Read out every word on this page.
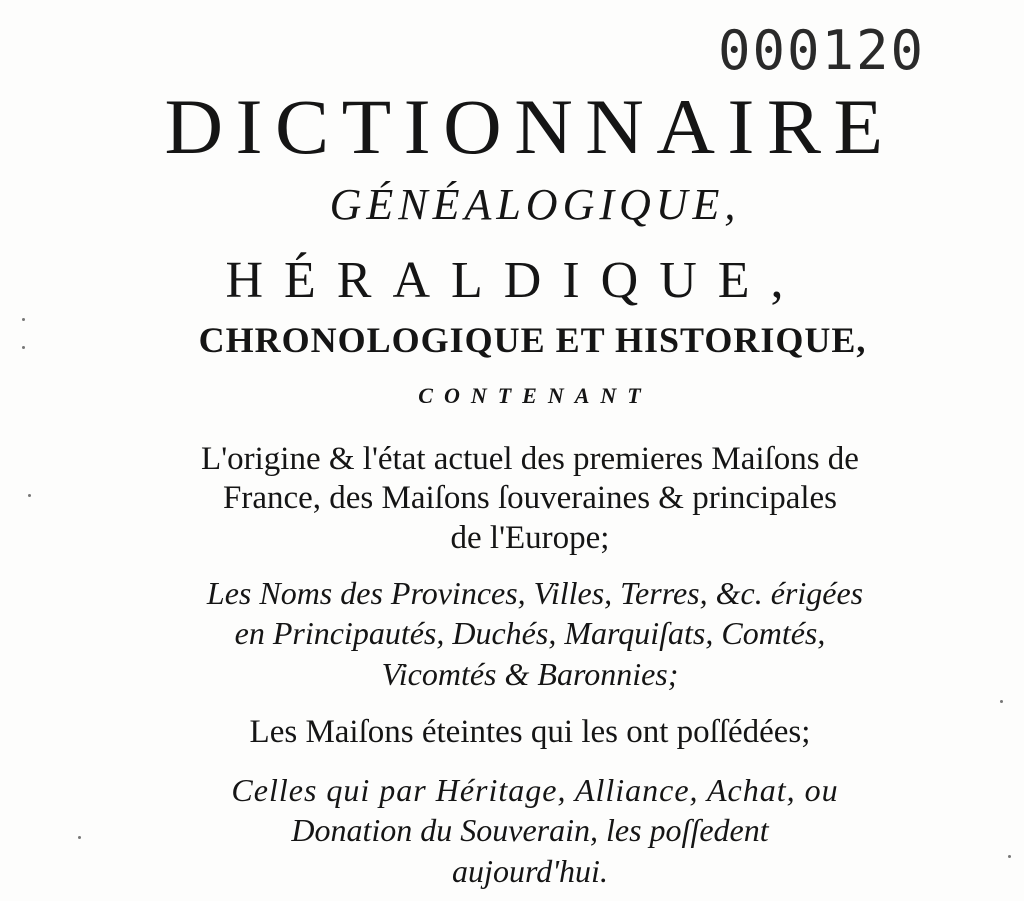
000120
DICTIONNAIRE
GÉNÉALOGIQUE,
HÉRALDIQUE,
CHRONOLOGIQUE ET HISTORIQUE,
CONTENANT
L'origine & l'état actuel des premieres Maiſons de
France, des Maiſons ſouveraines & principales
de l'Europe;
Les Noms des Provinces, Villes, Terres, &c. érigées
en Principautés, Duchés, Marquiſats, Comtés,
Vicomtés & Baronnies;
Les Maiſons éteintes qui les ont poſſédées;
Celles qui par Héritage, Alliance, Achat, ou
Donation du Souverain, les poſſedent
aujourd'hui.
